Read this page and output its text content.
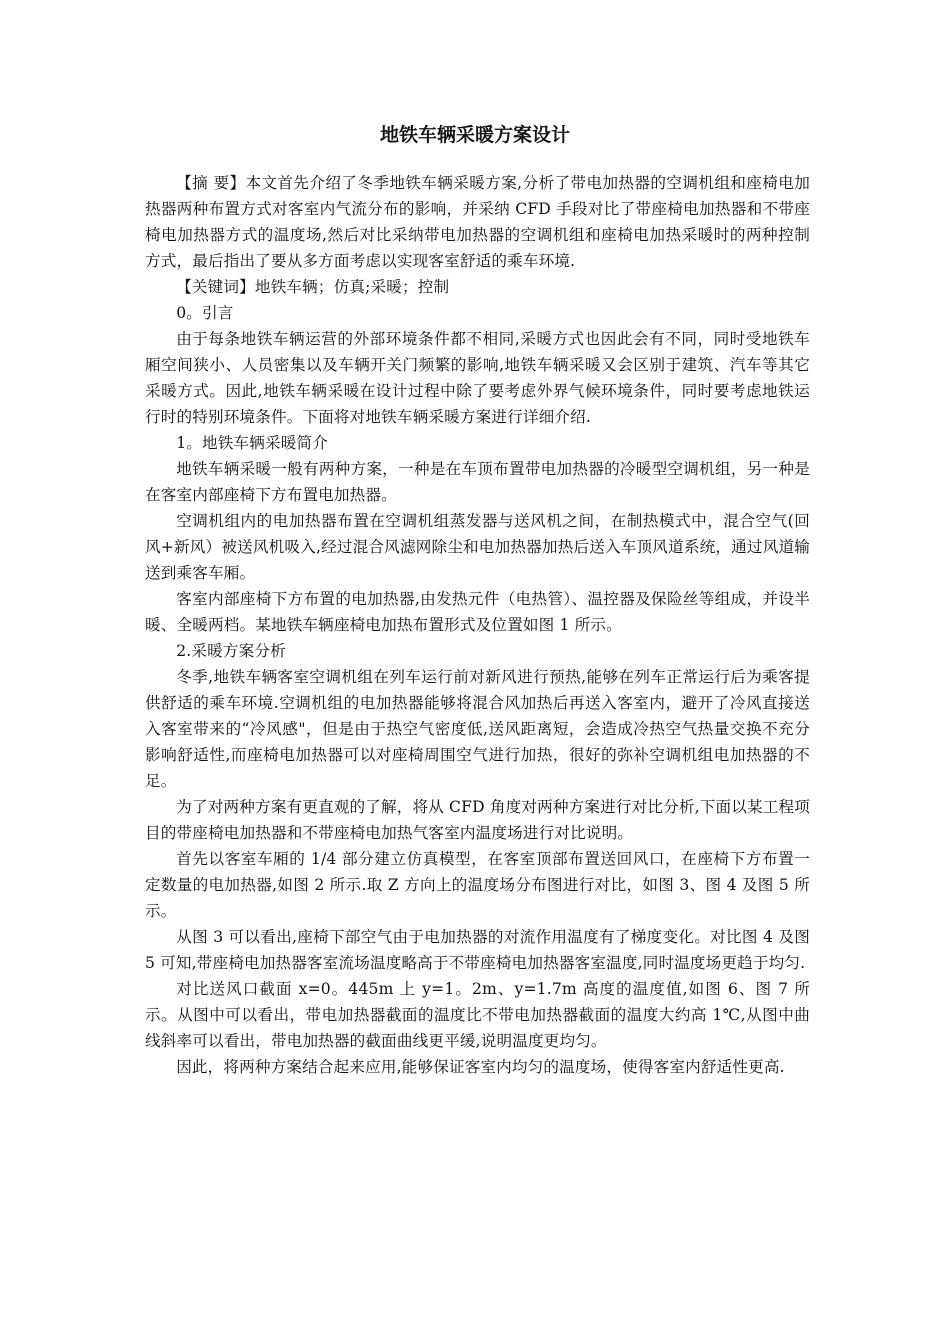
地铁车辆采暖方案设计

【摘 要】本文首先介绍了冬季地铁车辆采暖方案,分析了带电加热器的空调机组和座椅电加热器两种布置方式对客室内气流分布的影响，并采纳 CFD 手段对比了带座椅电加热器和不带座椅电加热器方式的温度场,然后对比采纳带电加热器的空调机组和座椅电加热采暖时的两种控制方式，最后指出了要从多方面考虑以实现客室舒适的乘车环境.

【关键词】地铁车辆；仿真;采暖；控制

0。引言

由于每条地铁车辆运营的外部环境条件都不相同,采暖方式也因此会有不同，同时受地铁车厢空间狭小、人员密集以及车辆开关门频繁的影响,地铁车辆采暖又会区别于建筑、汽车等其它采暖方式。因此,地铁车辆采暖在设计过程中除了要考虑外界气候环境条件，同时要考虑地铁运行时的特别环境条件。下面将对地铁车辆采暖方案进行详细介绍.

1。地铁车辆采暖简介

地铁车辆采暖一般有两种方案，一种是在车顶布置带电加热器的冷暖型空调机组，另一种是在客室内部座椅下方布置电加热器。

空调机组内的电加热器布置在空调机组蒸发器与送风机之间，在制热模式中，混合空气(回风+新风）被送风机吸入,经过混合风滤网除尘和电加热器加热后送入车顶风道系统，通过风道输送到乘客车厢。

客室内部座椅下方布置的电加热器,由发热元件（电热管）、温控器及保险丝等组成，并设半暖、全暖两档。某地铁车辆座椅电加热布置形式及位置如图 1 所示。

2.采暖方案分析

冬季,地铁车辆客室空调机组在列车运行前对新风进行预热,能够在列车正常运行后为乘客提供舒适的乘车环境.空调机组的电加热器能够将混合风加热后再送入客室内，避开了冷风直接送入客室带来的“冷风感"，但是由于热空气密度低,送风距离短，会造成冷热空气热量交换不充分影响舒适性,而座椅电加热器可以对座椅周围空气进行加热，很好的弥补空调机组电加热器的不足。

为了对两种方案有更直观的了解，将从 CFD 角度对两种方案进行对比分析,下面以某工程项目的带座椅电加热器和不带座椅电加热气客室内温度场进行对比说明。

首先以客室车厢的 1/4 部分建立仿真模型，在客室顶部布置送回风口，在座椅下方布置一定数量的电加热器,如图 2 所示.取 Z 方向上的温度场分布图进行对比，如图 3、图 4 及图 5 所示。

从图 3 可以看出,座椅下部空气由于电加热器的对流作用温度有了梯度变化。对比图 4 及图 5 可知,带座椅电加热器客室流场温度略高于不带座椅电加热器客室温度,同时温度场更趋于均匀.

对比送风口截面 x=0。445m 上 y=1。2m、y=1.7m 高度的温度值,如图 6、图 7 所示。从图中可以看出，带电加热器截面的温度比不带电加热器截面的温度大约高 1℃,从图中曲线斜率可以看出，带电加热器的截面曲线更平缓,说明温度更均匀。

因此，将两种方案结合起来应用,能够保证客室内均匀的温度场，使得客室内舒适性更高.
